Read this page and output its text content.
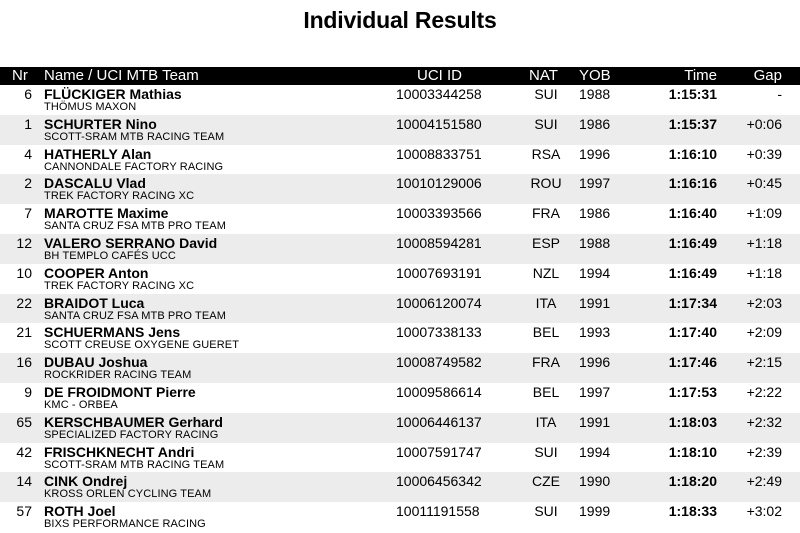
Individual Results
Nr Name / UCI MTB Team	UCI ID	NAT YOB	Time Gap
6 FLÜCKIGER Mathias
THÖMUS MAXON
10003344258	SUI	1988	1:15:31	-
1 SCHURTER Nino
SCOTT-SRAM MTB RACING TEAM
10004151580	SUI	1986	1:15:37 +0:06
4 HATHERLY Alan
CANNONDALE FACTORY RACING
10008833751	RSA 1996	1:16:10 +0:39
2 DASCALU Vlad
TREK FACTORY RACING XC
10010129006	ROU 1997	1:16:16 +0:45
7 MAROTTE Maxime
SANTA CRUZ FSA MTB PRO TEAM
10003393566	FRA 1986	1:16:40 +1:09
12 VALERO SERRANO David
BH TEMPLO CAFÉS UCC
10008594281	ESP 1988	1:16:49 +1:18
10 COOPER Anton
TREK FACTORY RACING XC
10007693191	NZL 1994	1:16:49 +1:18
22 BRAIDOT Luca
SANTA CRUZ FSA MTB PRO TEAM
10006120074	ITA	1991	1:17:34 +2:03
21 SCHUERMANS Jens
SCOTT CREUSE OXYGENE GUERET
10007338133	BEL 1993	1:17:40 +2:09
16 DUBAU Joshua
ROCKRIDER RACING TEAM
10008749582	FRA 1996	1:17:46 +2:15
9 DE FROIDMONT Pierre
KMC - ORBEA
10009586614	BEL 1997	1:17:53 +2:22
65 KERSCHBAUMER Gerhard
SPECIALIZED FACTORY RACING
10006446137	ITA	1991	1:18:03 +2:32
42 FRISCHKNECHT Andri
SCOTT-SRAM MTB RACING TEAM
10007591747	SUI	1994	1:18:10 +2:39
14 CINK Ondrej
KROSS ORLEN CYCLING TEAM
10006456342	CZE 1990	1:18:20 +2:49
57 ROTH Joel
BIXS PERFORMANCE RACING
10011191558	SUI	1999	1:18:33 +3:02
